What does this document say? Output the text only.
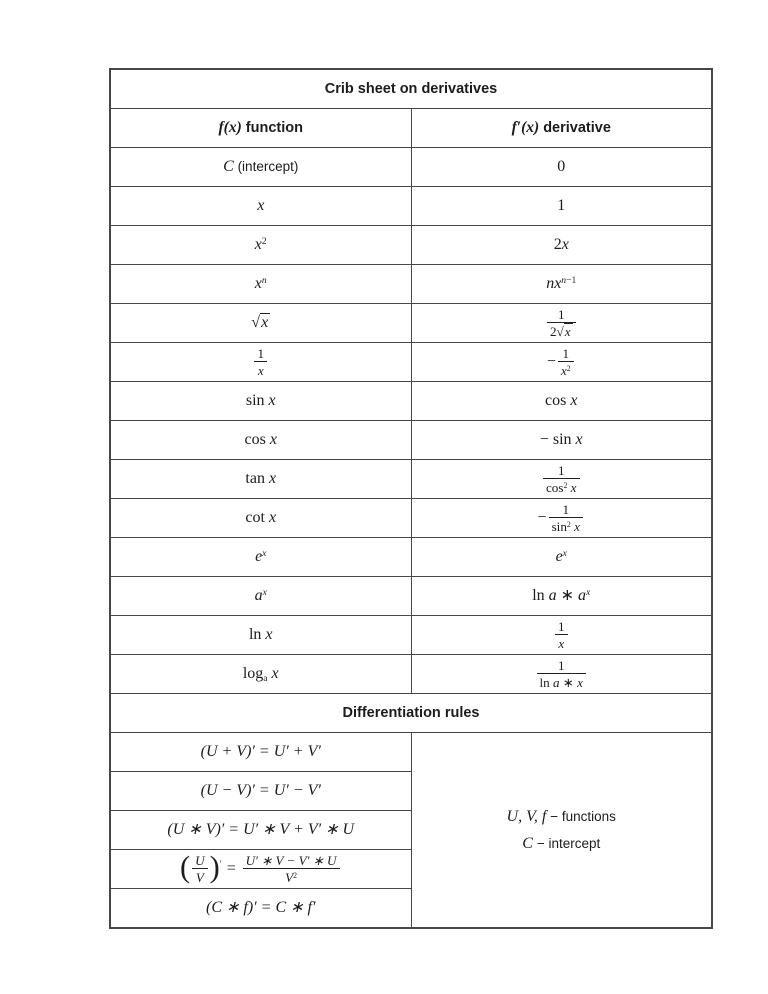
Crib sheet on derivatives	
f(x) function	f′(x) derivative
C (intercept)	0
x	1
$x^2$	2x
$x^n$	$nx^{n-1}$
√x	$\frac{1}{2√x}$

$\frac{1}{x}$	− $\frac{1}{x^2}$

sin x	cos x
cos x	− sin x
tan x	$\frac{1}{\cos^2 x}$

cot x	− $\frac{1}{\sin^2 x}$

$e^x$	$e^x$
$a^x$	ln a ∗ $a^x$
ln x	$\frac{1}{x}$

loga x	$\frac{1}{\text{ln a ∗ x}}$

Differentiation rules	
(U + V)′ = U′ + V′	U, V, f − functions
C − intercept

(U − V)′ = U′ − V′	
(U ∗ V)′ = U′ ∗ V + V′ ∗ U	
( $\frac{U}{V} )' = \frac{U' ∗ V - V' ∗ U}{V^2}$

(C ∗ f)′ = C ∗ f′	
